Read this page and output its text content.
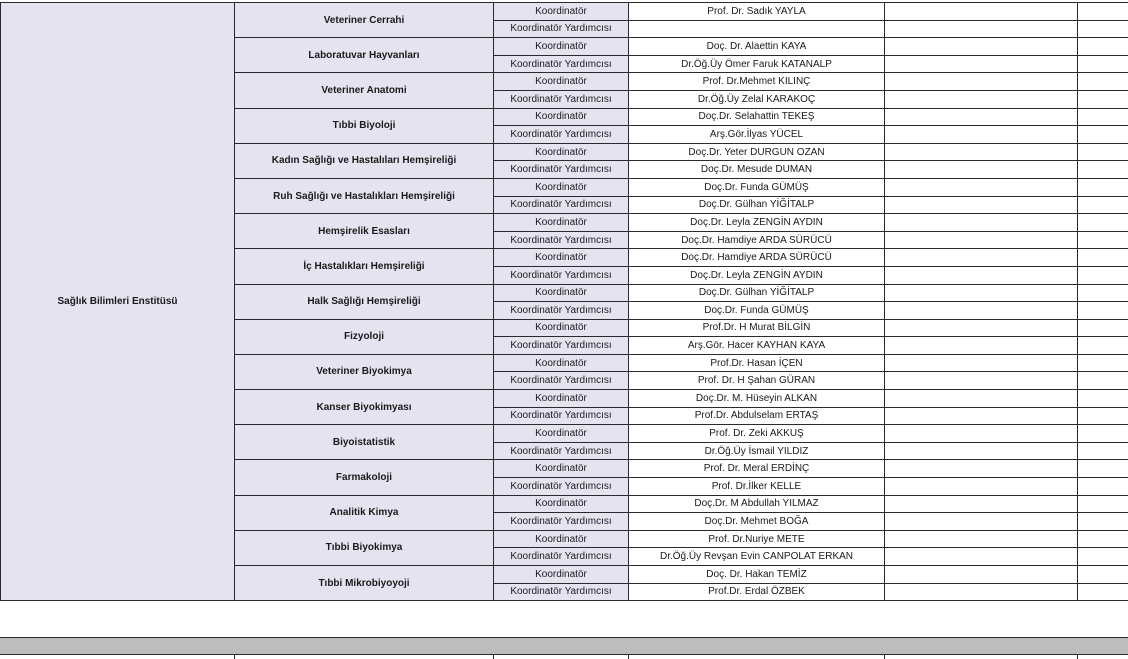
Sağlık Bilimleri Enstitüsü	Veteriner Cerrahi	Koordinatör	Prof. Dr. Sadık YAYLA		
		Koordinatör Yardımcısı			
	Laboratuvar Hayvanları	Koordinatör	Doç. Dr. Alaettin KAYA		
		Koordinatör Yardımcısı	Dr.Öğ.Üy Ömer Faruk KATANALP		
	Veteriner Anatomi	Koordinatör	Prof. Dr.Mehmet KILINÇ		
		Koordinatör Yardımcısı	Dr.Öğ.Üy Zelal KARAKOÇ		
	Tıbbi Biyoloji	Koordinatör	Doç.Dr. Selahattin TEKEŞ		
		Koordinatör Yardımcısı	Arş.Gör.İlyas YÜCEL		
	Kadın Sağlığı ve Hastalıları Hemşireliği	Koordinatör	Doç.Dr. Yeter DURGUN OZAN		
		Koordinatör Yardımcısı	Doç.Dr. Mesude DUMAN		
	Ruh Sağlığı ve Hastalıkları Hemşireliği	Koordinatör	Doç.Dr. Funda GÜMÜŞ		
		Koordinatör Yardımcısı	Doç.Dr. Gülhan YİĞİTALP		
	Hemşirelik Esasları	Koordinatör	Doç.Dr. Leyla ZENGİN AYDIN		
		Koordinatör Yardımcısı	Doç.Dr. Hamdiye ARDA SÜRÜCÜ		
	İç Hastalıkları Hemşireliği	Koordinatör	Doç.Dr. Hamdiye ARDA SÜRÜCÜ		
		Koordinatör Yardımcısı	Doç.Dr. Leyla ZENGİN AYDIN		
	Halk Sağlığı Hemşireliği	Koordinatör	Doç.Dr. Gülhan YİĞİTALP		
		Koordinatör Yardımcısı	Doç.Dr. Funda GÜMÜŞ		
	Fizyoloji	Koordinatör	Prof.Dr. H Murat BİLGİN		
		Koordinatör Yardımcısı	Arş.Gör. Hacer KAYHAN KAYA		
	Veteriner Biyokimya	Koordinatör	Prof.Dr. Hasan İÇEN		
		Koordinatör Yardımcısı	Prof. Dr. H Şahan GÜRAN		
	Kanser Biyokimyası	Koordinatör	Doç.Dr. M. Hüseyin ALKAN		
		Koordinatör Yardımcısı	Prof.Dr. Abdulselam ERTAŞ		
	Biyoistatistik	Koordinatör	Prof. Dr. Zeki AKKUŞ		
		Koordinatör Yardımcısı	Dr.Öğ.Üy İsmail YILDIZ		
	Farmakoloji	Koordinatör	Prof. Dr. Meral ERDİNÇ		
		Koordinatör Yardımcısı	Prof. Dr.İlker KELLE		
	Analitik Kimya	Koordinatör	Doç.Dr. M Abdullah YILMAZ		
		Koordinatör Yardımcısı	Doç.Dr. Mehmet BOĞA		
	Tıbbi Biyokimya	Koordinatör	Prof. Dr.Nuriye METE		
		Koordinatör Yardımcısı	Dr.Öğ.Üy Revşan Evin CANPOLAT ERKAN		
	Tıbbi Mikrobiyoyoji	Koordinatör	Doç. Dr. Hakan TEMİZ		
		Koordinatör Yardımcısı	Prof.Dr. Erdal ÖZBEK		
